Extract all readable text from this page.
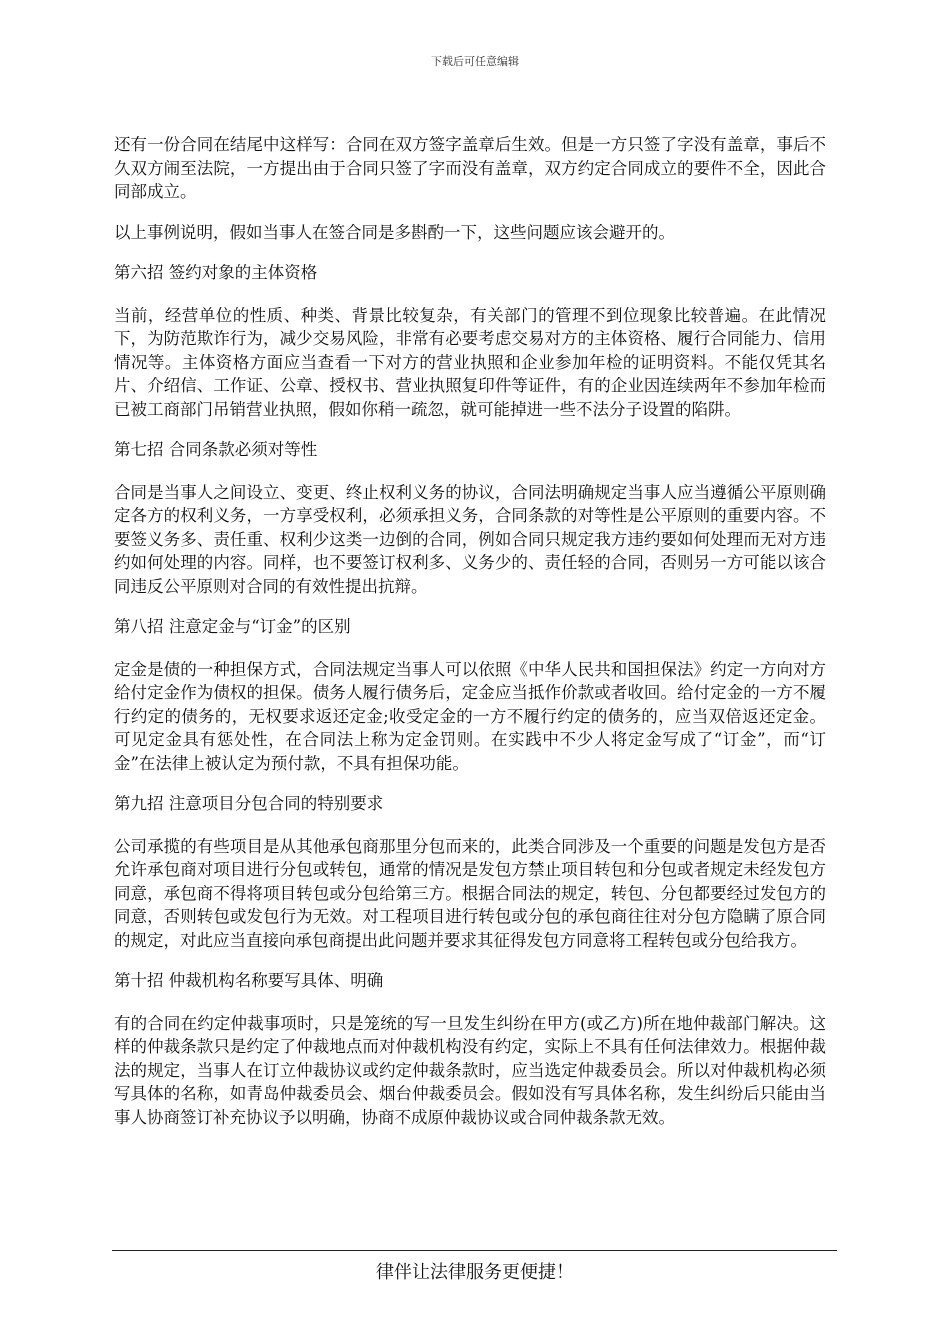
下载后可任意编辑

还有一份合同在结尾中这样写：合同在双方签字盖章后生效。但是一方只签了字没有盖章，事后不久双方闹至法院，一方提出由于合同只签了字而没有盖章，双方约定合同成立的要件不全，因此合同部成立。

以上事例说明，假如当事人在签合同是多斟酌一下，这些问题应该会避开的。

第六招 签约对象的主体资格

当前，经营单位的性质、种类、背景比较复杂，有关部门的管理不到位现象比较普遍。在此情况下，为防范欺诈行为，减少交易风险，非常有必要考虑交易对方的主体资格、履行合同能力、信用情况等。主体资格方面应当查看一下对方的营业执照和企业参加年检的证明资料。不能仅凭其名片、介绍信、工作证、公章、授权书、营业执照复印件等证件，有的企业因连续两年不参加年检而已被工商部门吊销营业执照，假如你稍一疏忽，就可能掉进一些不法分子设置的陷阱。

第七招 合同条款必须对等性

合同是当事人之间设立、变更、终止权利义务的协议，合同法明确规定当事人应当遵循公平原则确定各方的权利义务，一方享受权利，必须承担义务，合同条款的对等性是公平原则的重要内容。不要签义务多、责任重、权利少这类一边倒的合同，例如合同只规定我方违约要如何处理而无对方违约如何处理的内容。同样，也不要签订权利多、义务少的、责任轻的合同，否则另一方可能以该合同违反公平原则对合同的有效性提出抗辩。

第八招 注意定金与“订金”的区别

定金是债的一种担保方式，合同法规定当事人可以依照《中华人民共和国担保法》约定一方向对方给付定金作为债权的担保。债务人履行债务后，定金应当抵作价款或者收回。给付定金的一方不履行约定的债务的，无权要求返还定金;收受定金的一方不履行约定的债务的，应当双倍返还定金。可见定金具有惩处性，在合同法上称为定金罚则。在实践中不少人将定金写成了“订金”，而“订金”在法律上被认定为预付款，不具有担保功能。

第九招 注意项目分包合同的特别要求

公司承揽的有些项目是从其他承包商那里分包而来的，此类合同涉及一个重要的问题是发包方是否允许承包商对项目进行分包或转包，通常的情况是发包方禁止项目转包和分包或者规定未经发包方同意，承包商不得将项目转包或分包给第三方。根据合同法的规定，转包、分包都要经过发包方的同意，否则转包或发包行为无效。对工程项目进行转包或分包的承包商往往对分包方隐瞒了原合同的规定，对此应当直接向承包商提出此问题并要求其征得发包方同意将工程转包或分包给我方。

第十招 仲裁机构名称要写具体、明确

有的合同在约定仲裁事项时，只是笼统的写一旦发生纠纷在甲方(或乙方)所在地仲裁部门解决。这样的仲裁条款只是约定了仲裁地点而对仲裁机构没有约定，实际上不具有任何法律效力。根据仲裁法的规定，当事人在订立仲裁协议或约定仲裁条款时，应当选定仲裁委员会。所以对仲裁机构必须写具体的名称，如青岛仲裁委员会、烟台仲裁委员会。假如没有写具体名称，发生纠纷后只能由当事人协商签订补充协议予以明确，协商不成原仲裁协议或合同仲裁条款无效。

律伴让法律服务更便捷！
